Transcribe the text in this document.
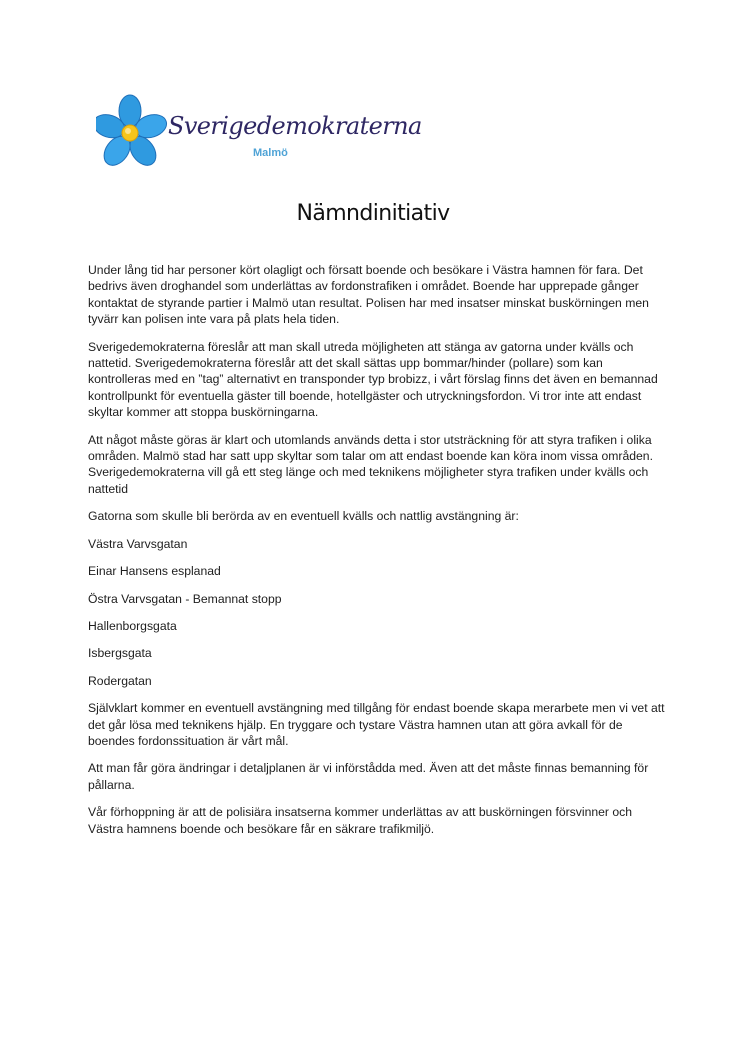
Sverigedemokraterna
Malmö
Nämndinitiativ

Under lång tid har personer kört olagligt och försatt boende och besökare i Västra hamnen för fara. Det bedrivs även droghandel som underlättas av fordonstrafiken i området. Boende har upprepade gånger kontaktat de styrande partier i Malmö utan resultat. Polisen har med insatser minskat buskörningen men tyvärr kan polisen inte vara på plats hela tiden.

Sverigedemokraterna föreslår att man skall utreda möjligheten att stänga av gatorna under kvälls och nattetid. Sverigedemokraterna föreslår att det skall sättas upp bommar/hinder (pollare) som kan kontrolleras med en ”tag” alternativt en transponder typ brobizz, i vårt förslag finns det även en bemannad kontrollpunkt för eventuella gäster till boende, hotellgäster och utryckningsfordon. Vi tror inte att endast skyltar kommer att stoppa buskörningarna.

Att något måste göras är klart och utomlands används detta i stor utsträckning för att styra trafiken i olika områden. Malmö stad har satt upp skyltar som talar om att endast boende kan köra inom vissa områden. Sverigedemokraterna vill gå ett steg länge och med teknikens möjligheter styra trafiken under kvälls och nattetid

Gatorna som skulle bli berörda av en eventuell kvälls och nattlig avstängning är:

Västra Varvsgatan

Einar Hansens esplanad

Östra Varvsgatan - Bemannat stopp

Hallenborgsgata

Isbergsgata

Rodergatan

Självklart kommer en eventuell avstängning med tillgång för endast boende skapa merarbete men vi vet att det går lösa med teknikens hjälp. En tryggare och tystare Västra hamnen utan att göra avkall för de boendes fordonssituation är vårt mål.

Att man får göra ändringar i detaljplanen är vi införstådda med. Även att det måste finnas bemanning för pållarna.

Vår förhoppning är att de polisiära insatserna kommer underlättas av att buskörningen försvinner och Västra hamnens boende och besökare får en säkrare trafikmiljö.
